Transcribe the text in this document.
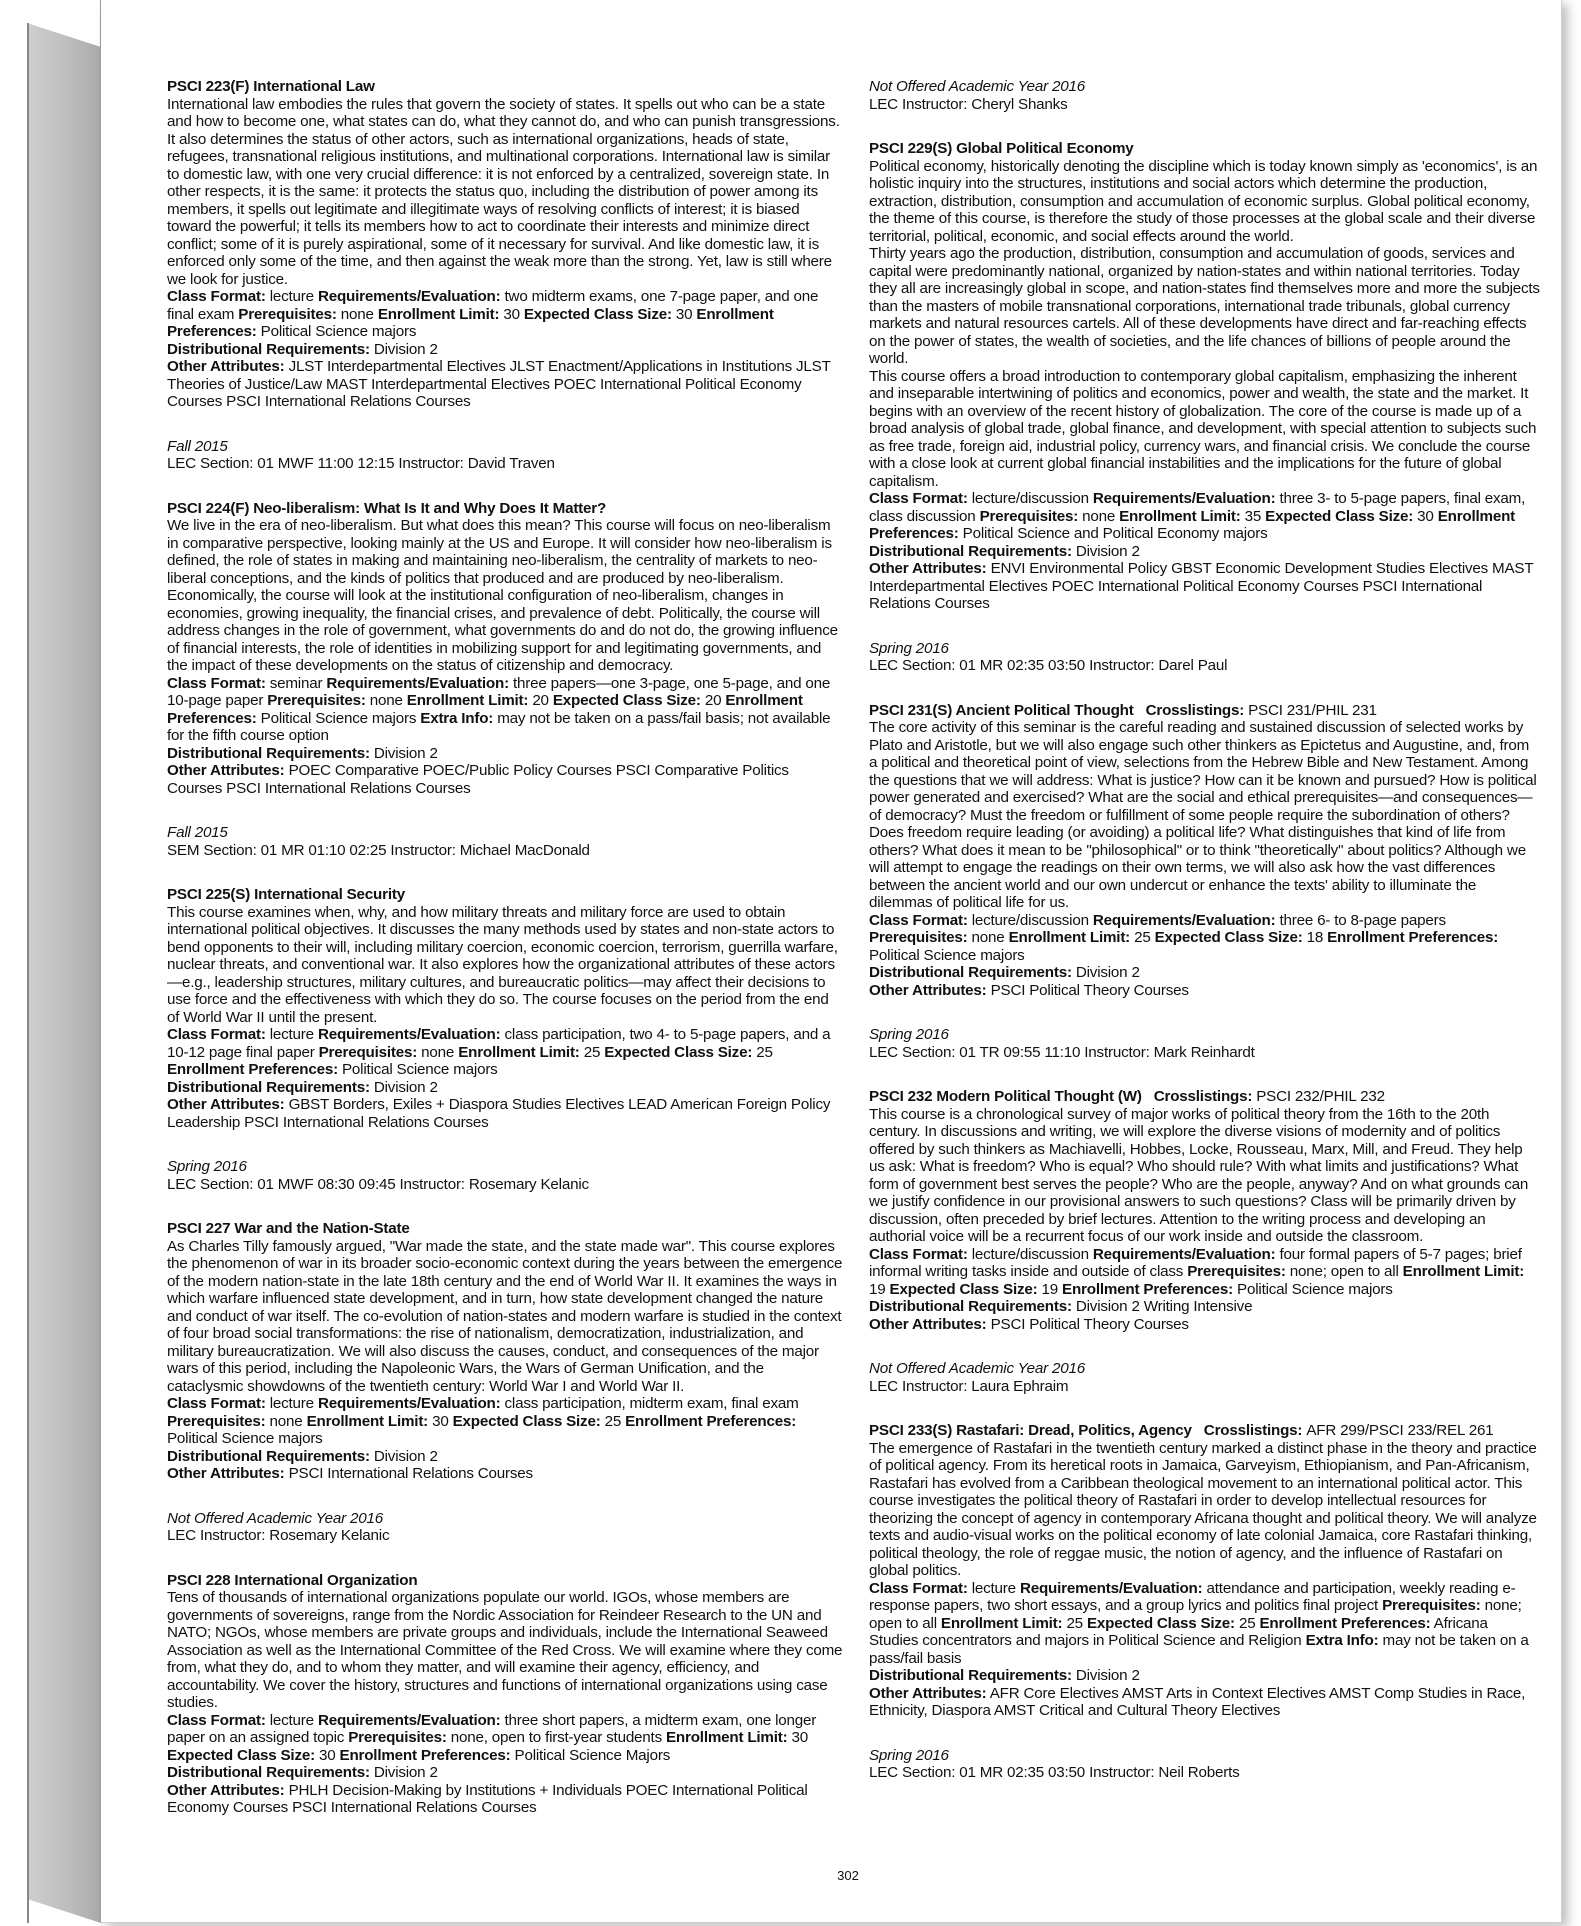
PSCI 223(F) International Law
International law embodies the rules that govern the society of states. It spells out who can be a state and how to become one, what states can do, what they cannot do, and who can punish transgressions. It also determines the status of other actors, such as international organizations, heads of state, refugees, transnational religious institutions, and multinational corporations. International law is similar to domestic law, with one very crucial difference: it is not enforced by a centralized, sovereign state. In other respects, it is the same: it protects the status quo, including the distribution of power among its members, it spells out legitimate and illegitimate ways of resolving conflicts of interest; it is biased toward the powerful; it tells its members how to act to coordinate their interests and minimize direct conflict; some of it is purely aspirational, some of it necessary for survival. And like domestic law, it is enforced only some of the time, and then against the weak more than the strong. Yet, law is still where we look for justice.
Class Format: lecture Requirements/Evaluation: two midterm exams, one 7-page paper, and one final exam Prerequisites: none Enrollment Limit: 30 Expected Class Size: 30 Enrollment Preferences: Political Science majors
Distributional Requirements: Division 2
Other Attributes: JLST Interdepartmental Electives JLST Enactment/Applications in Institutions JLST Theories of Justice/Law MAST Interdepartmental Electives POEC International Political Economy Courses PSCI International Relations Courses
Fall 2015
LEC Section: 01 MWF 11:00 12:15 Instructor: David Traven
PSCI 224(F) Neo-liberalism: What Is It and Why Does It Matter?
We live in the era of neo-liberalism. But what does this mean? This course will focus on neo-liberalism in comparative perspective, looking mainly at the US and Europe. It will consider how neo-liberalism is defined, the role of states in making and maintaining neo-liberalism, the centrality of markets to neo-liberal conceptions, and the kinds of politics that produced and are produced by neo-liberalism. Economically, the course will look at the institutional configuration of neo-liberalism, changes in economies, growing inequality, the financial crises, and prevalence of debt. Politically, the course will address changes in the role of government, what governments do and do not do, the growing influence of financial interests, the role of identities in mobilizing support for and legitimating governments, and the impact of these developments on the status of citizenship and democracy.
Class Format: seminar Requirements/Evaluation: three papers—one 3-page, one 5-page, and one 10-page paper Prerequisites: none Enrollment Limit: 20 Expected Class Size: 20 Enrollment Preferences: Political Science majors Extra Info: may not be taken on a pass/fail basis; not available for the fifth course option
Distributional Requirements: Division 2
Other Attributes: POEC Comparative POEC/Public Policy Courses PSCI Comparative Politics Courses PSCI International Relations Courses
Fall 2015
SEM Section: 01 MR 01:10 02:25 Instructor: Michael MacDonald
PSCI 225(S) International Security
This course examines when, why, and how military threats and military force are used to obtain international political objectives. It discusses the many methods used by states and non-state actors to bend opponents to their will, including military coercion, economic coercion, terrorism, guerrilla warfare, nuclear threats, and conventional war. It also explores how the organizational attributes of these actors—e.g., leadership structures, military cultures, and bureaucratic politics—may affect their decisions to use force and the effectiveness with which they do so. The course focuses on the period from the end of World War II until the present.
Class Format: lecture Requirements/Evaluation: class participation, two 4- to 5-page papers, and a 10-12 page final paper Prerequisites: none Enrollment Limit: 25 Expected Class Size: 25 Enrollment Preferences: Political Science majors
Distributional Requirements: Division 2
Other Attributes: GBST Borders, Exiles + Diaspora Studies Electives LEAD American Foreign Policy Leadership PSCI International Relations Courses
Spring 2016
LEC Section: 01 MWF 08:30 09:45 Instructor: Rosemary Kelanic
PSCI 227 War and the Nation-State
As Charles Tilly famously argued, "War made the state, and the state made war". This course explores the phenomenon of war in its broader socio-economic context during the years between the emergence of the modern nation-state in the late 18th century and the end of World War II. It examines the ways in which warfare influenced state development, and in turn, how state development changed the nature and conduct of war itself. The co-evolution of nation-states and modern warfare is studied in the context of four broad social transformations: the rise of nationalism, democratization, industrialization, and military bureaucratization. We will also discuss the causes, conduct, and consequences of the major wars of this period, including the Napoleonic Wars, the Wars of German Unification, and the cataclysmic showdowns of the twentieth century: World War I and World War II.
Class Format: lecture Requirements/Evaluation: class participation, midterm exam, final exam Prerequisites: none Enrollment Limit: 30 Expected Class Size: 25 Enrollment Preferences: Political Science majors
Distributional Requirements: Division 2
Other Attributes: PSCI International Relations Courses
Not Offered Academic Year 2016
LEC Instructor: Rosemary Kelanic
PSCI 228 International Organization
Tens of thousands of international organizations populate our world. IGOs, whose members are governments of sovereigns, range from the Nordic Association for Reindeer Research to the UN and NATO; NGOs, whose members are private groups and individuals, include the International Seaweed Association as well as the International Committee of the Red Cross. We will examine where they come from, what they do, and to whom they matter, and will examine their agency, efficiency, and accountability. We cover the history, structures and functions of international organizations using case studies.
Class Format: lecture Requirements/Evaluation: three short papers, a midterm exam, one longer paper on an assigned topic Prerequisites: none, open to first-year students Enrollment Limit: 30 Expected Class Size: 30 Enrollment Preferences: Political Science Majors
Distributional Requirements: Division 2
Other Attributes: PHLH Decision-Making by Institutions + Individuals POEC International Political Economy Courses PSCI International Relations Courses
Not Offered Academic Year 2016
LEC Instructor: Cheryl Shanks
PSCI 229(S) Global Political Economy
Political economy, historically denoting the discipline which is today known simply as 'economics', is an holistic inquiry into the structures, institutions and social actors which determine the production, extraction, distribution, consumption and accumulation of economic surplus. Global political economy, the theme of this course, is therefore the study of those processes at the global scale and their diverse territorial, political, economic, and social effects around the world.
Thirty years ago the production, distribution, consumption and accumulation of goods, services and capital were predominantly national, organized by nation-states and within national territories. Today they all are increasingly global in scope, and nation-states find themselves more and more the subjects than the masters of mobile transnational corporations, international trade tribunals, global currency markets and natural resources cartels. All of these developments have direct and far-reaching effects on the power of states, the wealth of societies, and the life chances of billions of people around the world.
This course offers a broad introduction to contemporary global capitalism, emphasizing the inherent and inseparable intertwining of politics and economics, power and wealth, the state and the market. It begins with an overview of the recent history of globalization. The core of the course is made up of a broad analysis of global trade, global finance, and development, with special attention to subjects such as free trade, foreign aid, industrial policy, currency wars, and financial crisis. We conclude the course with a close look at current global financial instabilities and the implications for the future of global capitalism.
Class Format: lecture/discussion Requirements/Evaluation: three 3- to 5-page papers, final exam, class discussion Prerequisites: none Enrollment Limit: 35 Expected Class Size: 30 Enrollment Preferences: Political Science and Political Economy majors
Distributional Requirements: Division 2
Other Attributes: ENVI Environmental Policy GBST Economic Development Studies Electives MAST Interdepartmental Electives POEC International Political Economy Courses PSCI International Relations Courses
Spring 2016
LEC Section: 01 MR 02:35 03:50 Instructor: Darel Paul
PSCI 231(S) Ancient Political Thought Crosslistings: PSCI 231/PHIL 231
The core activity of this seminar is the careful reading and sustained discussion of selected works by Plato and Aristotle, but we will also engage such other thinkers as Epictetus and Augustine, and, from a political and theoretical point of view, selections from the Hebrew Bible and New Testament. Among the questions that we will address: What is justice? How can it be known and pursued? How is political power generated and exercised? What are the social and ethical prerequisites—and consequences—of democracy? Must the freedom or fulfillment of some people require the subordination of others? Does freedom require leading (or avoiding) a political life? What distinguishes that kind of life from others? What does it mean to be "philosophical" or to think "theoretically" about politics? Although we will attempt to engage the readings on their own terms, we will also ask how the vast differences between the ancient world and our own undercut or enhance the texts' ability to illuminate the dilemmas of political life for us.
Class Format: lecture/discussion Requirements/Evaluation: three 6- to 8-page papers Prerequisites: none Enrollment Limit: 25 Expected Class Size: 18 Enrollment Preferences: Political Science majors
Distributional Requirements: Division 2
Other Attributes: PSCI Political Theory Courses
Spring 2016
LEC Section: 01 TR 09:55 11:10 Instructor: Mark Reinhardt
PSCI 232 Modern Political Thought (W) Crosslistings: PSCI 232/PHIL 232
This course is a chronological survey of major works of political theory from the 16th to the 20th century. In discussions and writing, we will explore the diverse visions of modernity and of politics offered by such thinkers as Machiavelli, Hobbes, Locke, Rousseau, Marx, Mill, and Freud. They help us ask: What is freedom? Who is equal? Who should rule? With what limits and justifications? What form of government best serves the people? Who are the people, anyway? And on what grounds can we justify confidence in our provisional answers to such questions? Class will be primarily driven by discussion, often preceded by brief lectures. Attention to the writing process and developing an authorial voice will be a recurrent focus of our work inside and outside the classroom.
Class Format: lecture/discussion Requirements/Evaluation: four formal papers of 5-7 pages; brief informal writing tasks inside and outside of class Prerequisites: none; open to all Enrollment Limit: 19 Expected Class Size: 19 Enrollment Preferences: Political Science majors
Distributional Requirements: Division 2 Writing Intensive
Other Attributes: PSCI Political Theory Courses
Not Offered Academic Year 2016
LEC Instructor: Laura Ephraim
PSCI 233(S) Rastafari: Dread, Politics, Agency Crosslistings: AFR 299/PSCI 233/REL 261
The emergence of Rastafari in the twentieth century marked a distinct phase in the theory and practice of political agency. From its heretical roots in Jamaica, Garveyism, Ethiopianism, and Pan-Africanism, Rastafari has evolved from a Caribbean theological movement to an international political actor. This course investigates the political theory of Rastafari in order to develop intellectual resources for theorizing the concept of agency in contemporary Africana thought and political theory. We will analyze texts and audio-visual works on the political economy of late colonial Jamaica, core Rastafari thinking, political theology, the role of reggae music, the notion of agency, and the influence of Rastafari on global politics.
Class Format: lecture Requirements/Evaluation: attendance and participation, weekly reading e-response papers, two short essays, and a group lyrics and politics final project Prerequisites: none; open to all Enrollment Limit: 25 Expected Class Size: 25 Enrollment Preferences: Africana Studies concentrators and majors in Political Science and Religion Extra Info: may not be taken on a pass/fail basis
Distributional Requirements: Division 2
Other Attributes: AFR Core Electives AMST Arts in Context Electives AMST Comp Studies in Race, Ethnicity, Diaspora AMST Critical and Cultural Theory Electives
Spring 2016
LEC Section: 01 MR 02:35 03:50 Instructor: Neil Roberts
302
